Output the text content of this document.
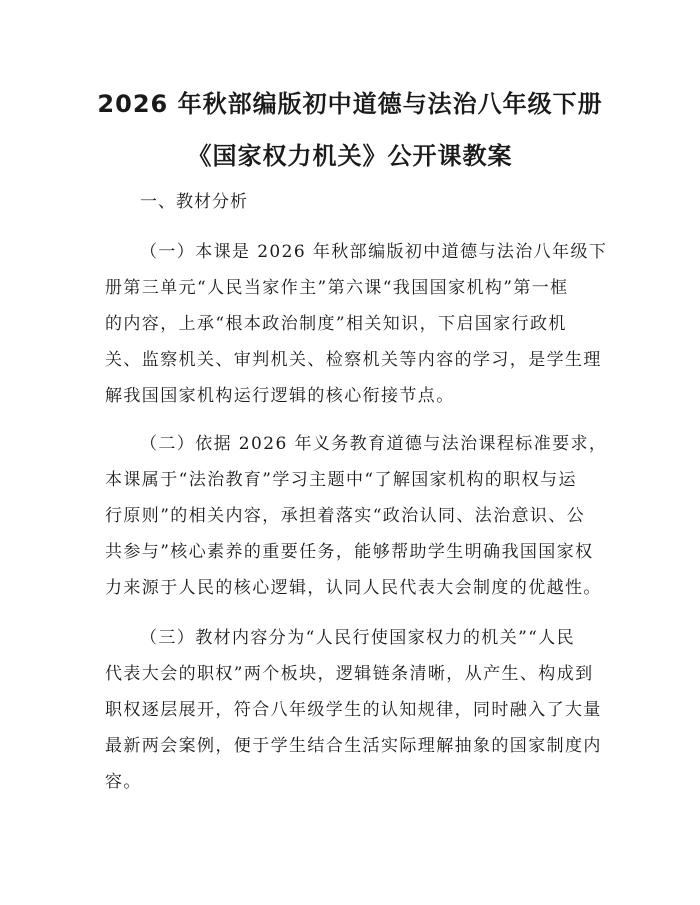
2026 年秋部编版初中道德与法治八年级下册
《国家权力机关》公开课教案
一、教材分析
（一）本课是 2026 年秋部编版初中道德与法治八年级下
册第三单元“人民当家作主”第六课“我国国家机构”第一框
的内容，上承“根本政治制度”相关知识，下启国家行政机
关、监察机关、审判机关、检察机关等内容的学习，是学生理
解我国国家机构运行逻辑的核心衔接节点。
（二）依据 2026 年义务教育道德与法治课程标准要求，
本课属于“法治教育”学习主题中“了解国家机构的职权与运
行原则”的相关内容，承担着落实“政治认同、法治意识、公
共参与”核心素养的重要任务，能够帮助学生明确我国国家权
力来源于人民的核心逻辑，认同人民代表大会制度的优越性。
（三）教材内容分为“人民行使国家权力的机关”“人民
代表大会的职权”两个板块，逻辑链条清晰，从产生、构成到
职权逐层展开，符合八年级学生的认知规律，同时融入了大量
最新两会案例，便于学生结合生活实际理解抽象的国家制度内
容。
